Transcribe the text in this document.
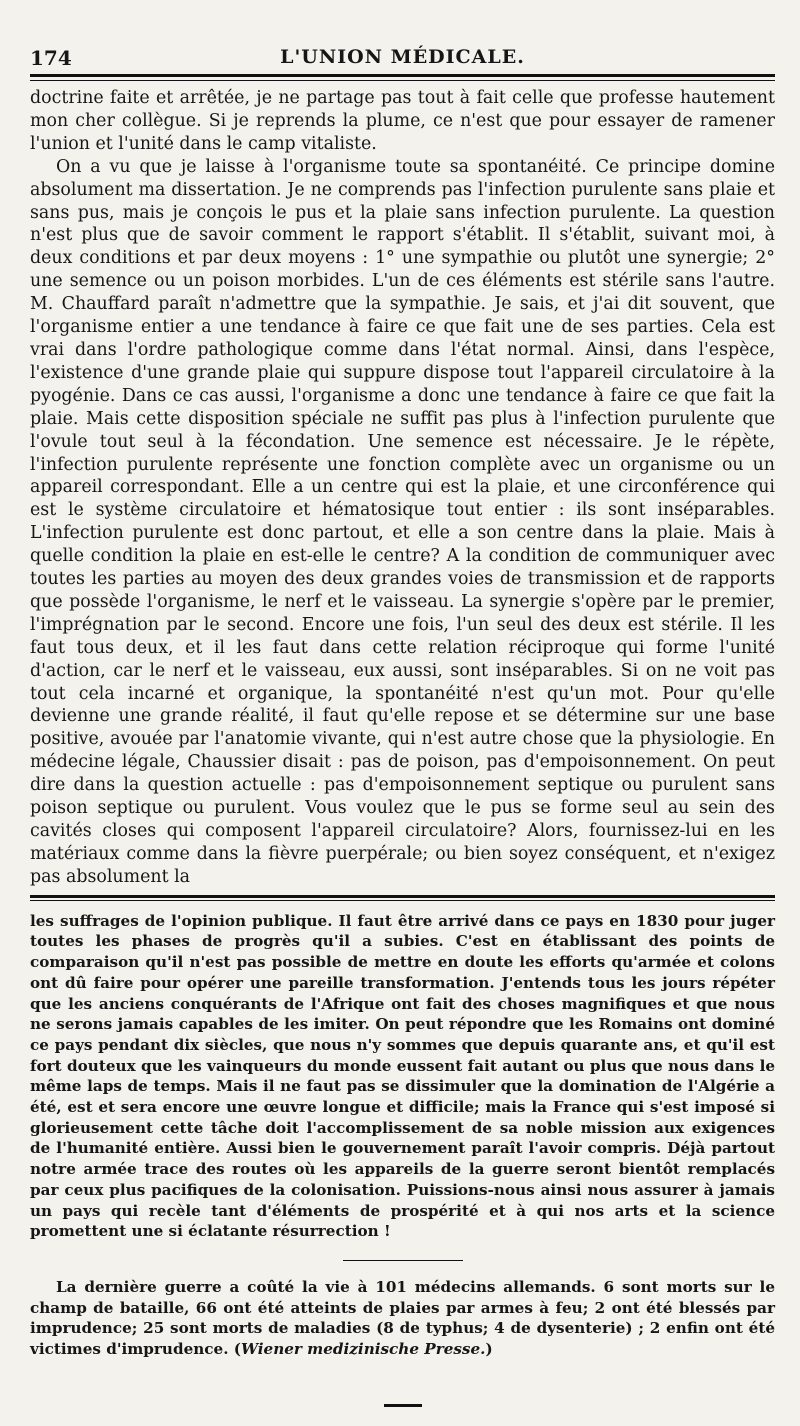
174	L'UNION MÉDICALE.

doctrine faite et arrêtée, je ne partage pas tout à fait celle que professe hautement mon cher collègue. Si je reprends la plume, ce n'est que pour essayer de ramener l'union et l'unité dans le camp vitaliste.

On a vu que je laisse à l'organisme toute sa spontanéité. Ce principe domine absolument ma dissertation. Je ne comprends pas l'infection purulente sans plaie et sans pus, mais je conçois le pus et la plaie sans infection purulente. La question n'est plus que de savoir comment le rapport s'établit. Il s'établit, suivant moi, à deux conditions et par deux moyens : 1° une sympathie ou plutôt une synergie; 2° une semence ou un poison morbides. L'un de ces éléments est stérile sans l'autre. M. Chauffard paraît n'admettre que la sympathie. Je sais, et j'ai dit souvent, que l'organisme entier a une tendance à faire ce que fait une de ses parties. Cela est vrai dans l'ordre pathologique comme dans l'état normal. Ainsi, dans l'espèce, l'existence d'une grande plaie qui suppure dispose tout l'appareil circulatoire à la pyogénie. Dans ce cas aussi, l'organisme a donc une tendance à faire ce que fait la plaie. Mais cette disposition spéciale ne suffit pas plus à l'infection purulente que l'ovule tout seul à la fécondation. Une semence est nécessaire. Je le répète, l'infection purulente représente une fonction complète avec un organisme ou un appareil correspondant. Elle a un centre qui est la plaie, et une circonférence qui est le système circulatoire et hématosique tout entier : ils sont inséparables. L'infection purulente est donc partout, et elle a son centre dans la plaie. Mais à quelle condition la plaie en est-elle le centre? A la condition de communiquer avec toutes les parties au moyen des deux grandes voies de transmission et de rapports que possède l'organisme, le nerf et le vaisseau. La synergie s'opère par le premier, l'imprégnation par le second. Encore une fois, l'un seul des deux est stérile. Il les faut tous deux, et il les faut dans cette relation réciproque qui forme l'unité d'action, car le nerf et le vaisseau, eux aussi, sont inséparables. Si on ne voit pas tout cela incarné et organique, la spontanéité n'est qu'un mot. Pour qu'elle devienne une grande réalité, il faut qu'elle repose et se détermine sur une base positive, avouée par l'anatomie vivante, qui n'est autre chose que la physiologie. En médecine légale, Chaussier disait : pas de poison, pas d'empoisonnement. On peut dire dans la question actuelle : pas d'empoisonnement septique ou purulent sans poison septique ou purulent. Vous voulez que le pus se forme seul au sein des cavités closes qui composent l'appareil circulatoire? Alors, fournissez-lui en les matériaux comme dans la fièvre puerpérale; ou bien soyez conséquent, et n'exigez pas absolument la

les suffrages de l'opinion publique. Il faut être arrivé dans ce pays en 1830 pour juger toutes les phases de progrès qu'il a subies. C'est en établissant des points de comparaison qu'il n'est pas possible de mettre en doute les efforts qu'armée et colons ont dû faire pour opérer une pareille transformation. J'entends tous les jours répéter que les anciens conquérants de l'Afrique ont fait des choses magnifiques et que nous ne serons jamais capables de les imiter. On peut répondre que les Romains ont dominé ce pays pendant dix siècles, que nous n'y sommes que depuis quarante ans, et qu'il est fort douteux que les vainqueurs du monde eussent fait autant ou plus que nous dans le même laps de temps. Mais il ne faut pas se dissimuler que la domination de l'Algérie a été, est et sera encore une œuvre longue et difficile; mais la France qui s'est imposé si glorieusement cette tâche doit l'accomplissement de sa noble mission aux exigences de l'humanité entière. Aussi bien le gouvernement paraît l'avoir compris. Déjà partout notre armée trace des routes où les appareils de la guerre seront bientôt remplacés par ceux plus pacifiques de la colonisation. Puissions-nous ainsi nous assurer à jamais un pays qui recèle tant d'éléments de prospérité et à qui nos arts et la science promettent une si éclatante résurrection !

La dernière guerre a coûté la vie à 101 médecins allemands. 6 sont morts sur le champ de bataille, 66 ont été atteints de plaies par armes à feu; 2 ont été blessés par imprudence; 25 sont morts de maladies (8 de typhus; 4 de dysenterie) ; 2 enfin ont été victimes d'imprudence. (Wiener medizinische Presse.)
